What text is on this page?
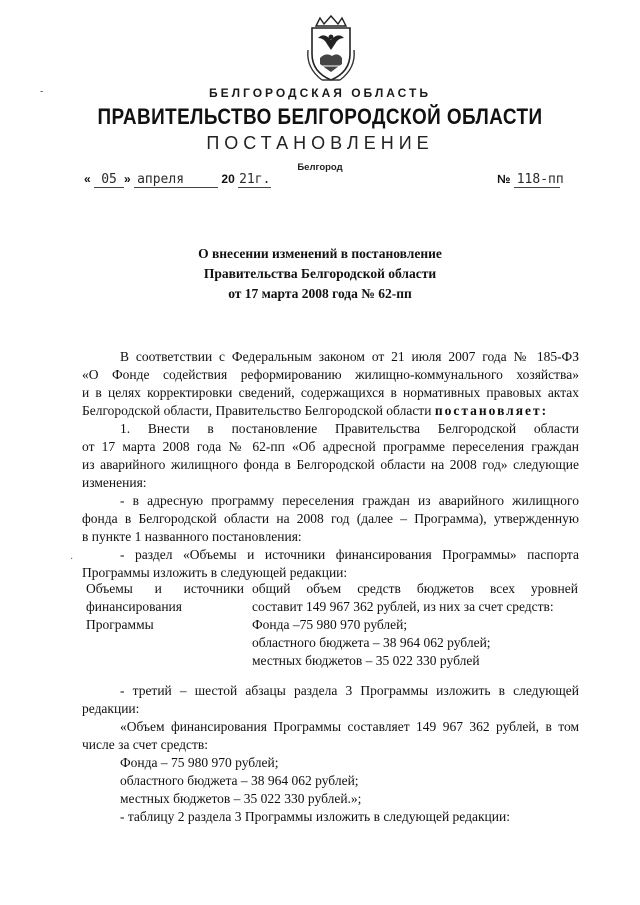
БЕЛГОРОДСКАЯ ОБЛАСТЬ
ПРАВИТЕЛЬСТВО БЕЛГОРОДСКОЙ ОБЛАСТИ
ПОСТАНОВЛЕНИЕ
Белгород
« 05 » апреля	20 21г.	№ 118-пп
О внесении изменений в постановление
Правительства Белгородской области
от 17 марта 2008 года № 62-пп
В соответствии с Федеральным законом от 21 июля 2007 года № 185-ФЗ
«О Фонде содействия реформированию жилищно-коммунального хозяйства»
и в целях корректировки сведений, содержащихся в нормативных правовых актах
Белгородской области, Правительство Белгородской области постановляет:
1. Внести в постановление Правительства Белгородской области
от 17 марта 2008 года № 62-пп «Об адресной программе переселения граждан
из аварийного жилищного фонда в Белгородской области на 2008 год» следующие
изменения:
- в адресную программу переселения граждан из аварийного жилищного
фонда в Белгородской области на 2008 год (далее – Программа), утвержденную
в пункте 1 названного постановления:
- раздел «Объемы и источники финансирования Программы» паспорта
Программы изложить в следующей редакции:
Объемы и источники
финансирования
Программы
общий объем средств бюджетов всех уровней
составит 149 967 362 рублей, из них за счет средств:
Фонда –75 980 970 рублей;
областного бюджета – 38 964 062 рублей;
местных бюджетов – 35 022 330 рублей
- третий – шестой абзацы раздела 3 Программы изложить в следующей
редакции:
«Объем финансирования Программы составляет 149 967 362 рублей, в том
числе за счет средств:
Фонда – 75 980 970 рублей;
областного бюджета – 38 964 062 рублей;
местных бюджетов – 35 022 330 рублей.»;
- таблицу 2 раздела 3 Программы изложить в следующей редакции:
‐
·
